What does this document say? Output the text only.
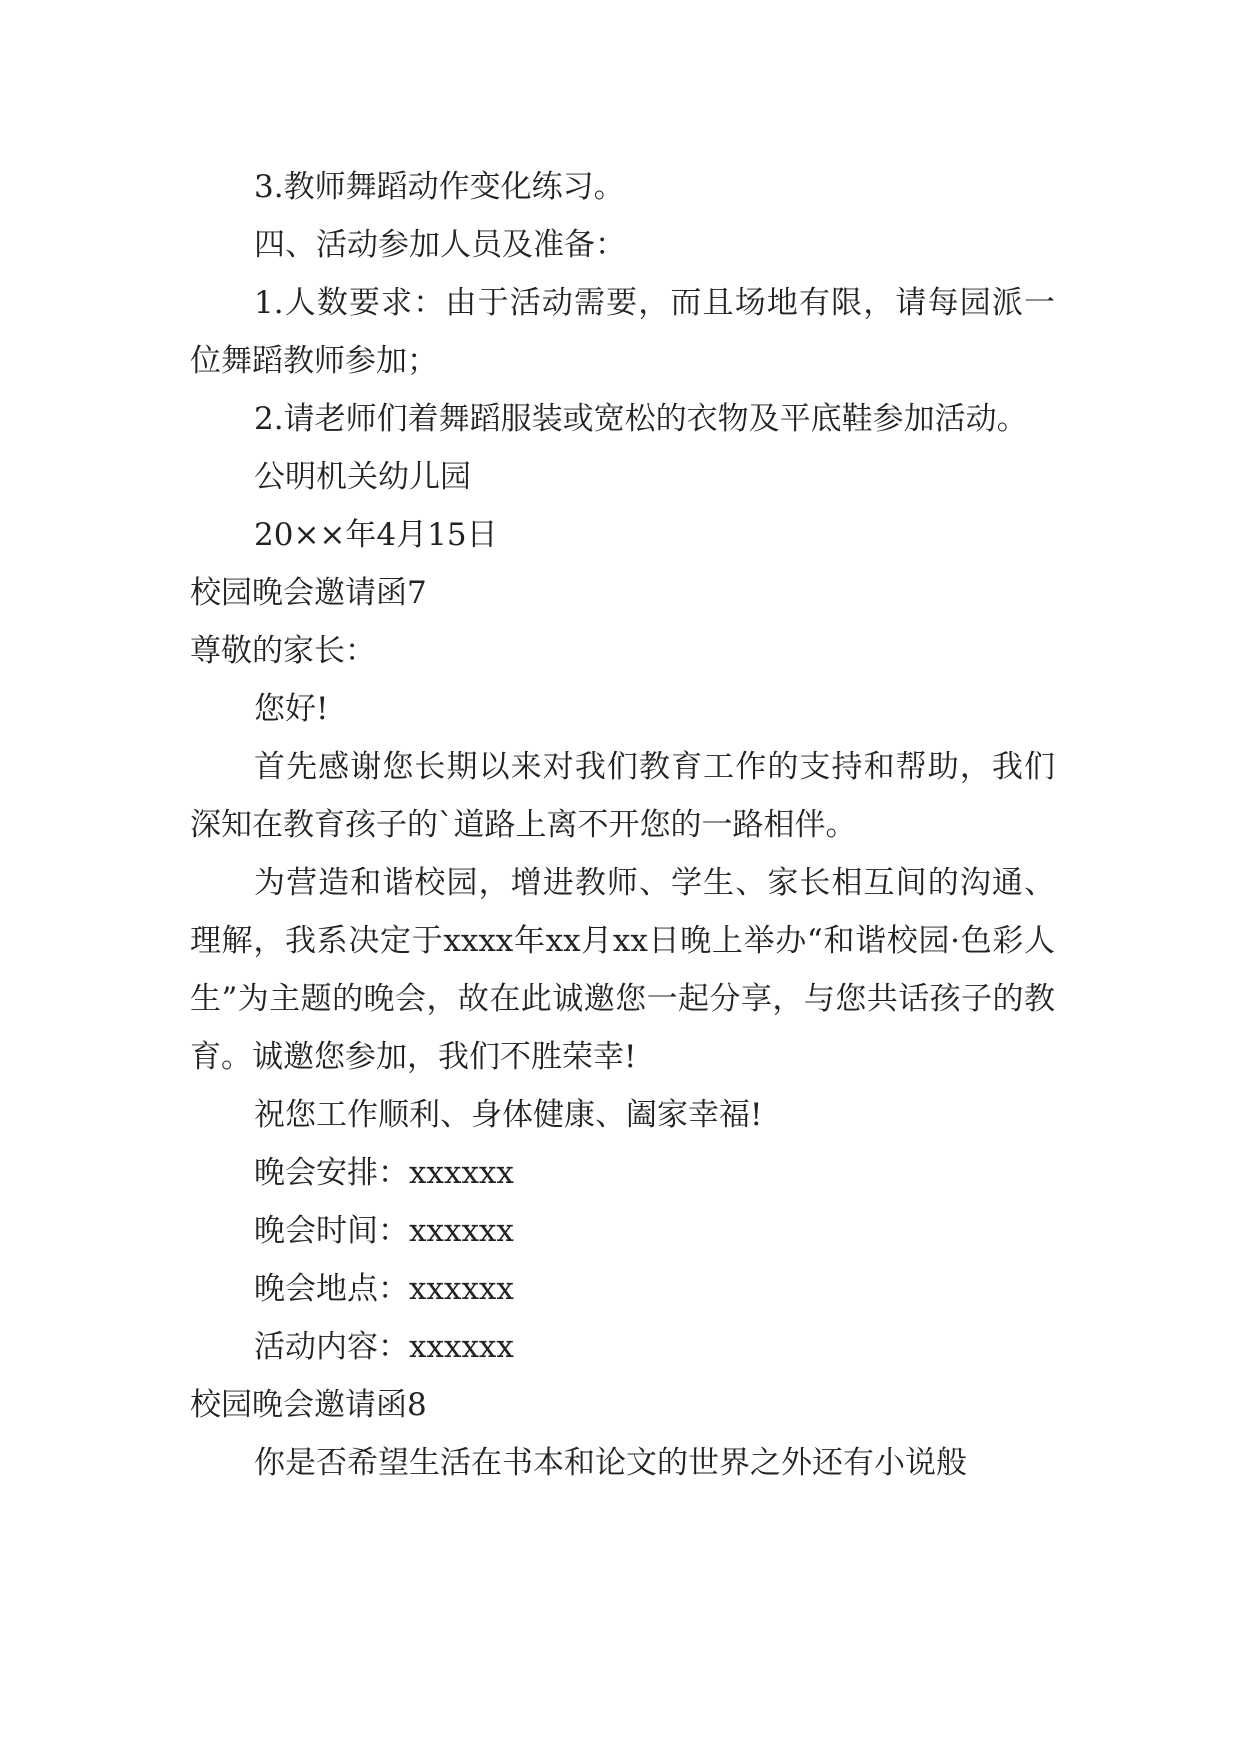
3.教师舞蹈动作变化练习。

四、活动参加人员及准备：

1.人数要求：由于活动需要，而且场地有限，请每园派一位舞蹈教师参加；

2.请老师们着舞蹈服装或宽松的衣物及平底鞋参加活动。

公明机关幼儿园

20××年4月15日

校园晚会邀请函7

尊敬的家长：

您好!

首先感谢您长期以来对我们教育工作的支持和帮助，我们深知在教育孩子的`道路上离不开您的一路相伴。

为营造和谐校园，增进教师、学生、家长相互间的沟通、理解，我系决定于xxxx年xx月xx日晚上举办“和谐校园·色彩人生”为主题的晚会，故在此诚邀您一起分享，与您共话孩子的教育。诚邀您参加，我们不胜荣幸!

祝您工作顺利、身体健康、阖家幸福!

晚会安排：xxxxxx

晚会时间：xxxxxx

晚会地点：xxxxxx

活动内容：xxxxxx

校园晚会邀请函8

你是否希望生活在书本和论文的世界之外还有小说般
